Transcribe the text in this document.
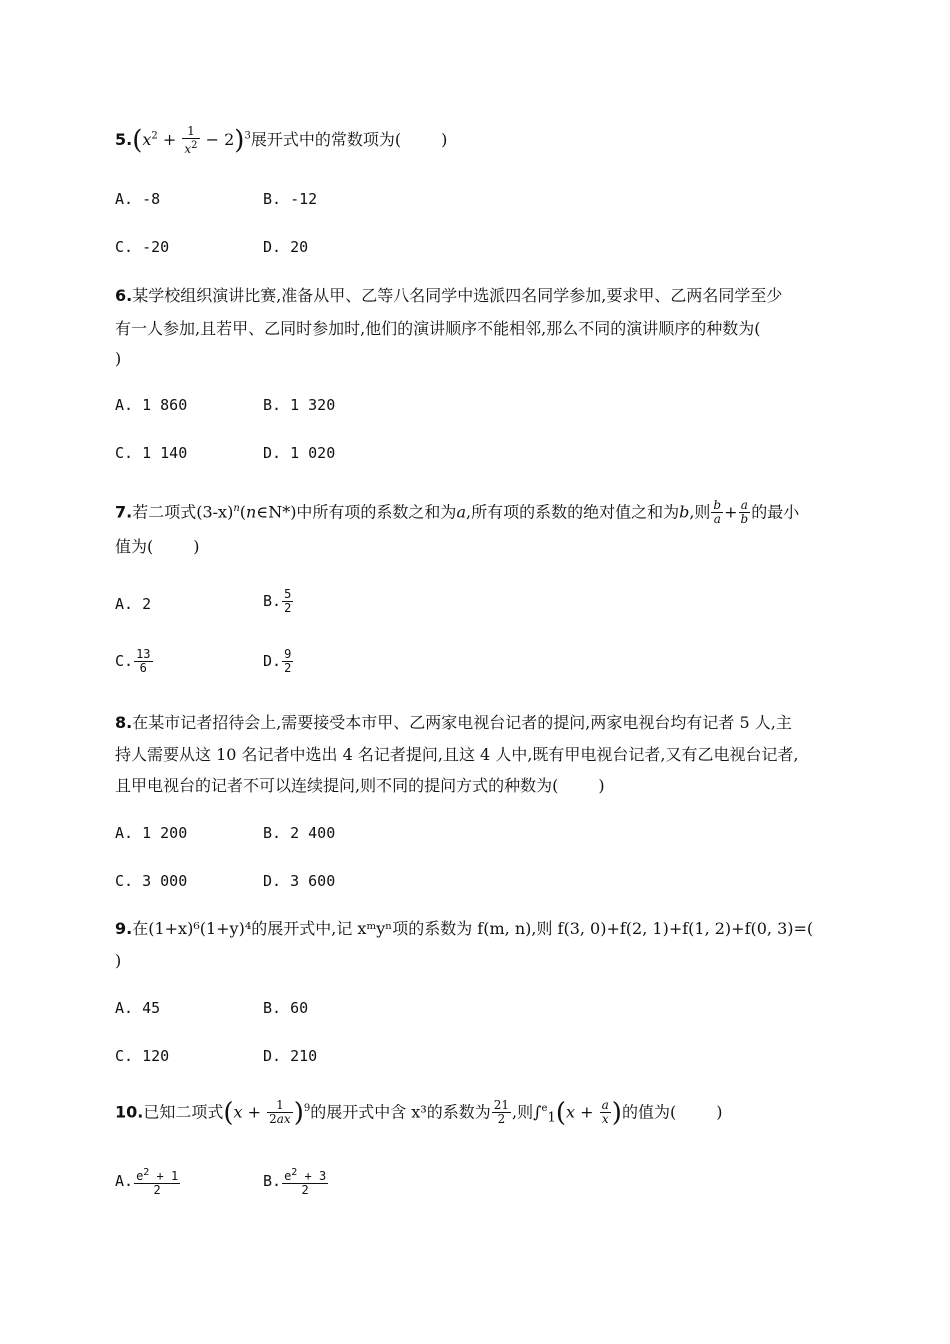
$5.(x^2 + \frac{1}{x^2} - 2)^3$展开式中的常数项为(	)
A. -8	B. -12
C. -20	D. 20
6.某学校组织演讲比赛,准备从甲、乙等八名同学中选派四名同学参加,要求甲、乙两名同学至少
有一人参加,且若甲、乙同时参加时,他们的演讲顺序不能相邻,那么不同的演讲顺序的种数为(
)
A. 1 860	B. 1 320
C. 1 140	D. 1 020
7.若二项式$(3-x)^n(n\in N*)$中所有项的系数之和为a,所有项的系数的绝对值之和为b,则 $\frac{b}{a} + \frac{a}{b}$ 的最小
值为(	)
A. 2	B. $\frac{5}{2}$
C. $\frac{13}{6}$	D. $\frac{9}{2}$
8.在某市记者招待会上,需要接受本市甲、乙两家电视台记者的提问,两家电视台均有记者 5 人,主
持人需要从这 10 名记者中选出 4 名记者提问,且这 4 人中,既有甲电视台记者,又有乙电视台记者,
且甲电视台的记者不可以连续提问,则不同的提问方式的种数为(	)
A. 1 200	B. 2 400
C. 3 000	D. 3 600
9.在(1+x)⁶(1+y)⁴的展开式中,记 xᵐyⁿ项的系数为 f(m, n),则 f(3, 0)+f(2, 1)+f(1, 2)+f(0, 3)=(
)
A. 45	B. 60
C. 120	D. 210
10.已知二项式$(x + \frac{1}{2ax} )^9$的展开式中含 x³的系数为 $\frac{21}{2}$ ,则$\int^e_1(x + \frac{a}{x}$ )的值为(	)
A. $\frac{e^2 + 1}{2}$	B. $\frac{e^2 + 3}{2}$
